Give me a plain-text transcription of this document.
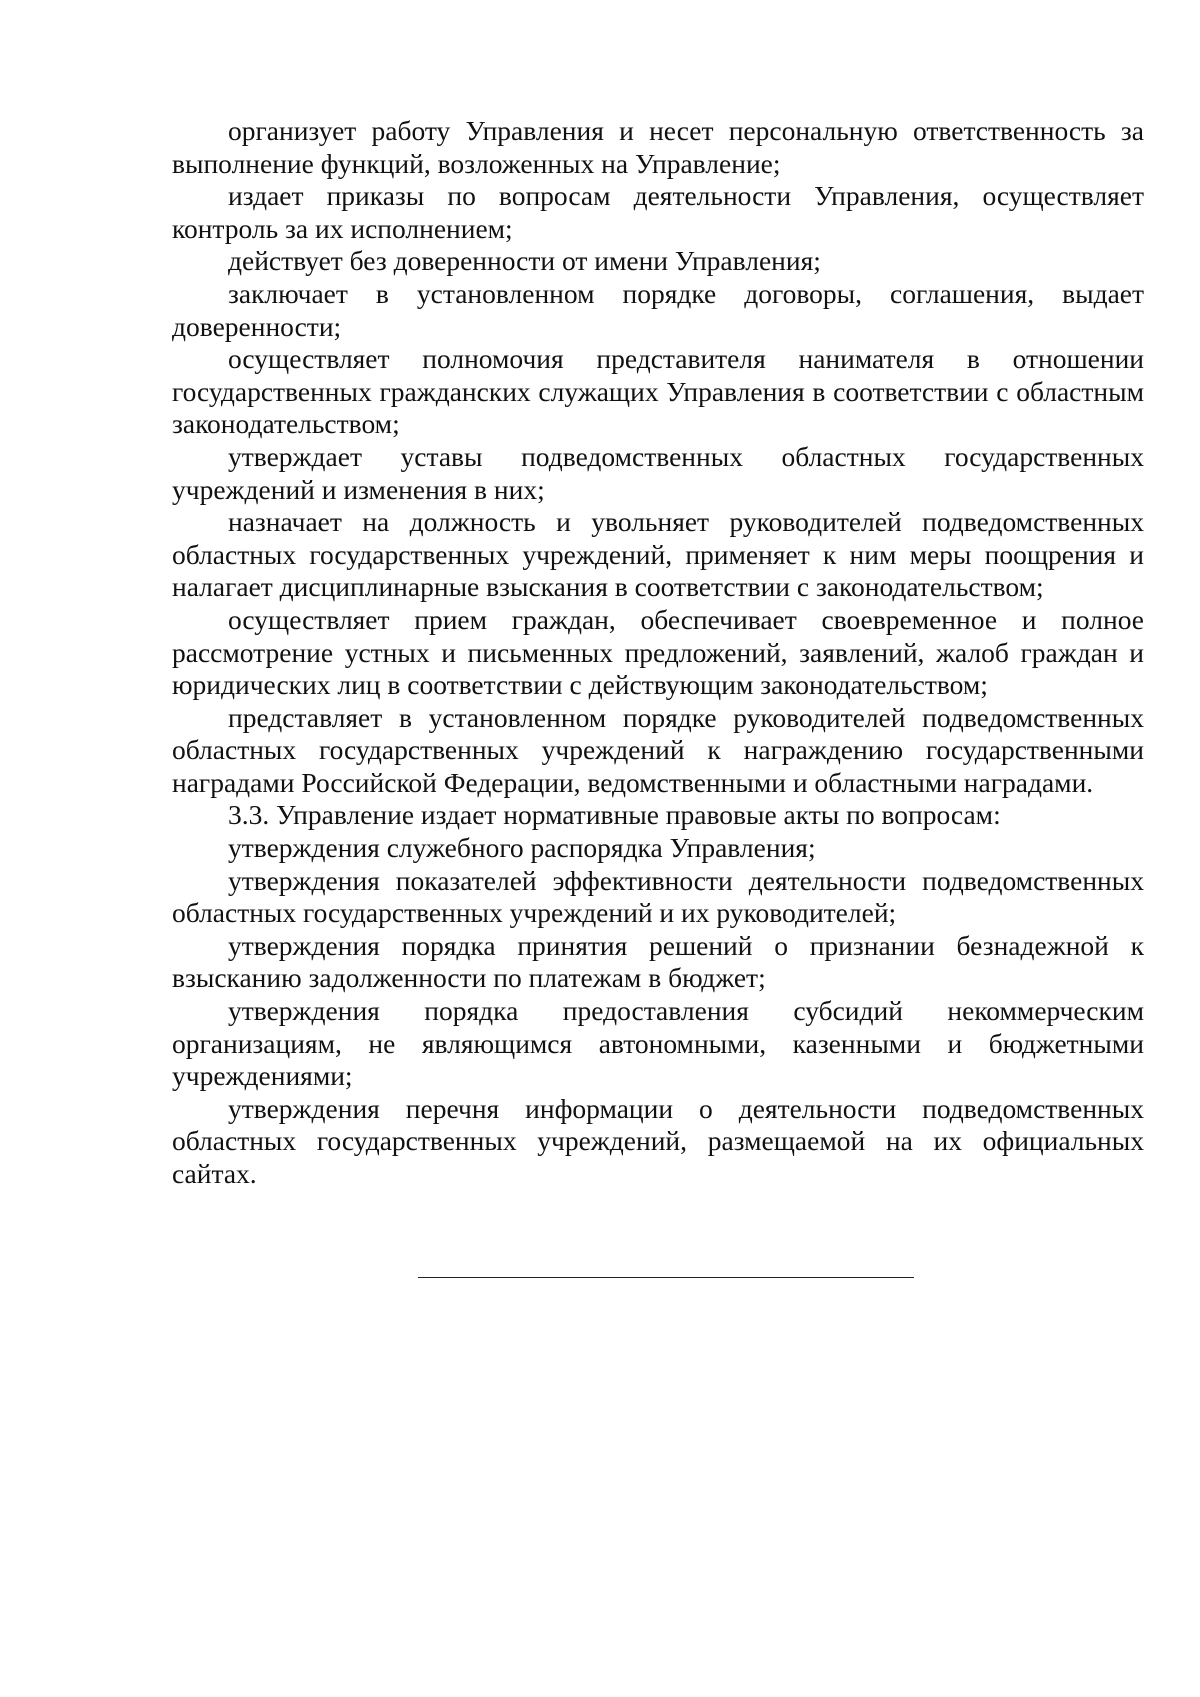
организует работу Управления и несет персональную ответственность за выполнение функций, возложенных на Управление;

издает приказы по вопросам деятельности Управления, осуществляет контроль за их исполнением;

действует без доверенности от имени Управления;

заключает в установленном порядке договоры, соглашения, выдает доверенности;

осуществляет полномочия представителя нанимателя в отношении государственных гражданских служащих Управления в соответствии с областным законодательством;

утверждает уставы подведомственных областных государственных учреждений и изменения в них;

назначает на должность и увольняет руководителей подведомственных областных государственных учреждений, применяет к ним меры поощрения и налагает дисциплинарные взыскания в соответствии с законодательством;

осуществляет прием граждан, обеспечивает своевременное и полное рассмотрение устных и письменных предложений, заявлений, жалоб граждан и юридических лиц в соответствии с действующим законодательством;

представляет в установленном порядке руководителей подведомственных областных государственных учреждений к награждению государственными наградами Российской Федерации, ведомственными и областными наградами.

3.3. Управление издает нормативные правовые акты по вопросам:

утверждения служебного распорядка Управления;

утверждения показателей эффективности деятельности подведомственных областных государственных учреждений и их руководителей;

утверждения порядка принятия решений о признании безнадежной к взысканию задолженности по платежам в бюджет;

утверждения порядка предоставления субсидий некоммерческим организациям, не являющимся автономными, казенными и бюджетными учреждениями;

утверждения перечня информации о деятельности подведомственных областных государственных учреждений, размещаемой на их официальных сайтах.
